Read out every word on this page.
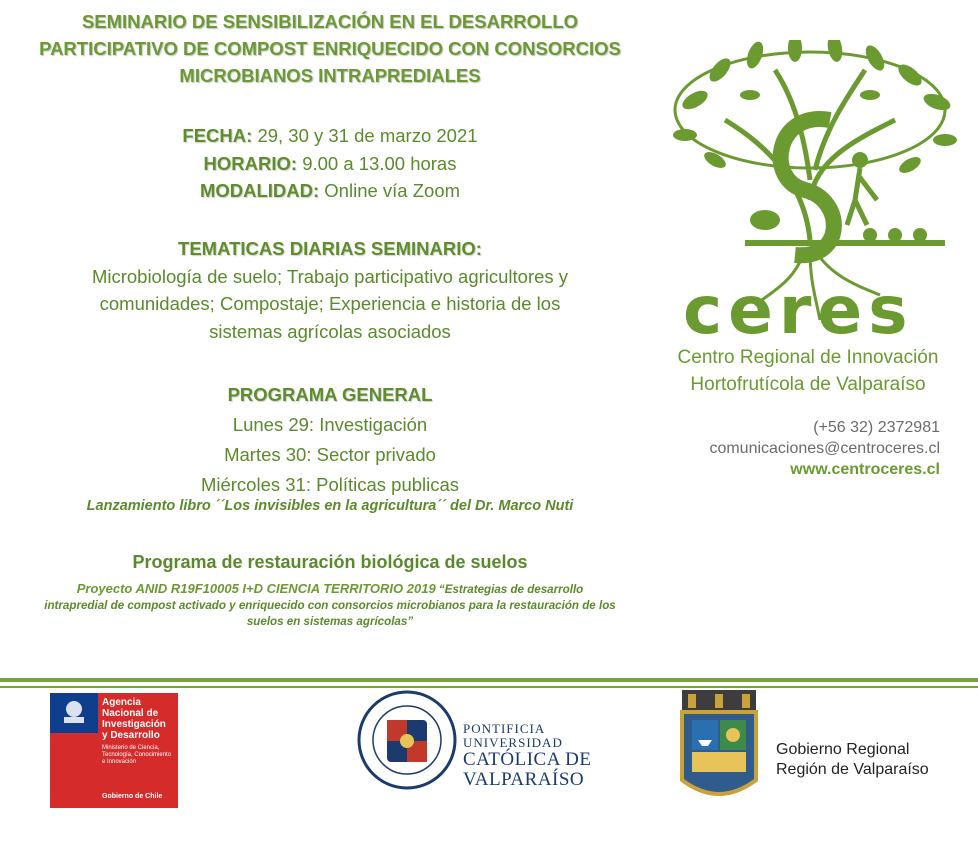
SEMINARIO DE SENSIBILIZACIÓN EN EL DESARROLLO
PARTICIPATIVO DE COMPOST ENRIQUECIDO CON CONSORCIOS
MICROBIANOS INTRAPREDIALES
FECHA: 29, 30 y 31 de marzo 2021
HORARIO: 9.00 a 13.00 horas
MODALIDAD: Online vía Zoom
TEMATICAS DIARIAS SEMINARIO:
Microbiología de suelo; Trabajo participativo agricultores y
comunidades; Compostaje; Experiencia e historia de los
sistemas agrícolas asociados
PROGRAMA GENERAL
Lunes 29: Investigación
Martes 30: Sector privado
Miércoles 31: Políticas publicas
Lanzamiento libro ´´Los invisibles en la agricultura´´ del Dr. Marco Nuti
Programa de restauración biológica de suelos
Proyecto ANID R19F10005 I+D CIENCIA TERRITORIO 2019 “Estrategias de desarrollo
intrapredial de compost activado y enriquecido con consorcios microbianos para la restauración de los
suelos en sistemas agrícolas”
ceres
Centro Regional de Innovación
Hortofrutícola de Valparaíso
(+56 32) 2372981
comunicaciones@centroceres.cl
www.centroceres.cl
Agencia Nacional de Investigación y Desarrollo
Ministerio de Ciencia, Tecnología, Conocimiento e Innovación
Gobierno de Chile
PONTIFICIA
UNIVERSIDAD
CATÓLICA DE
VALPARAÍSO
Gobierno Regional
Región de Valparaíso
